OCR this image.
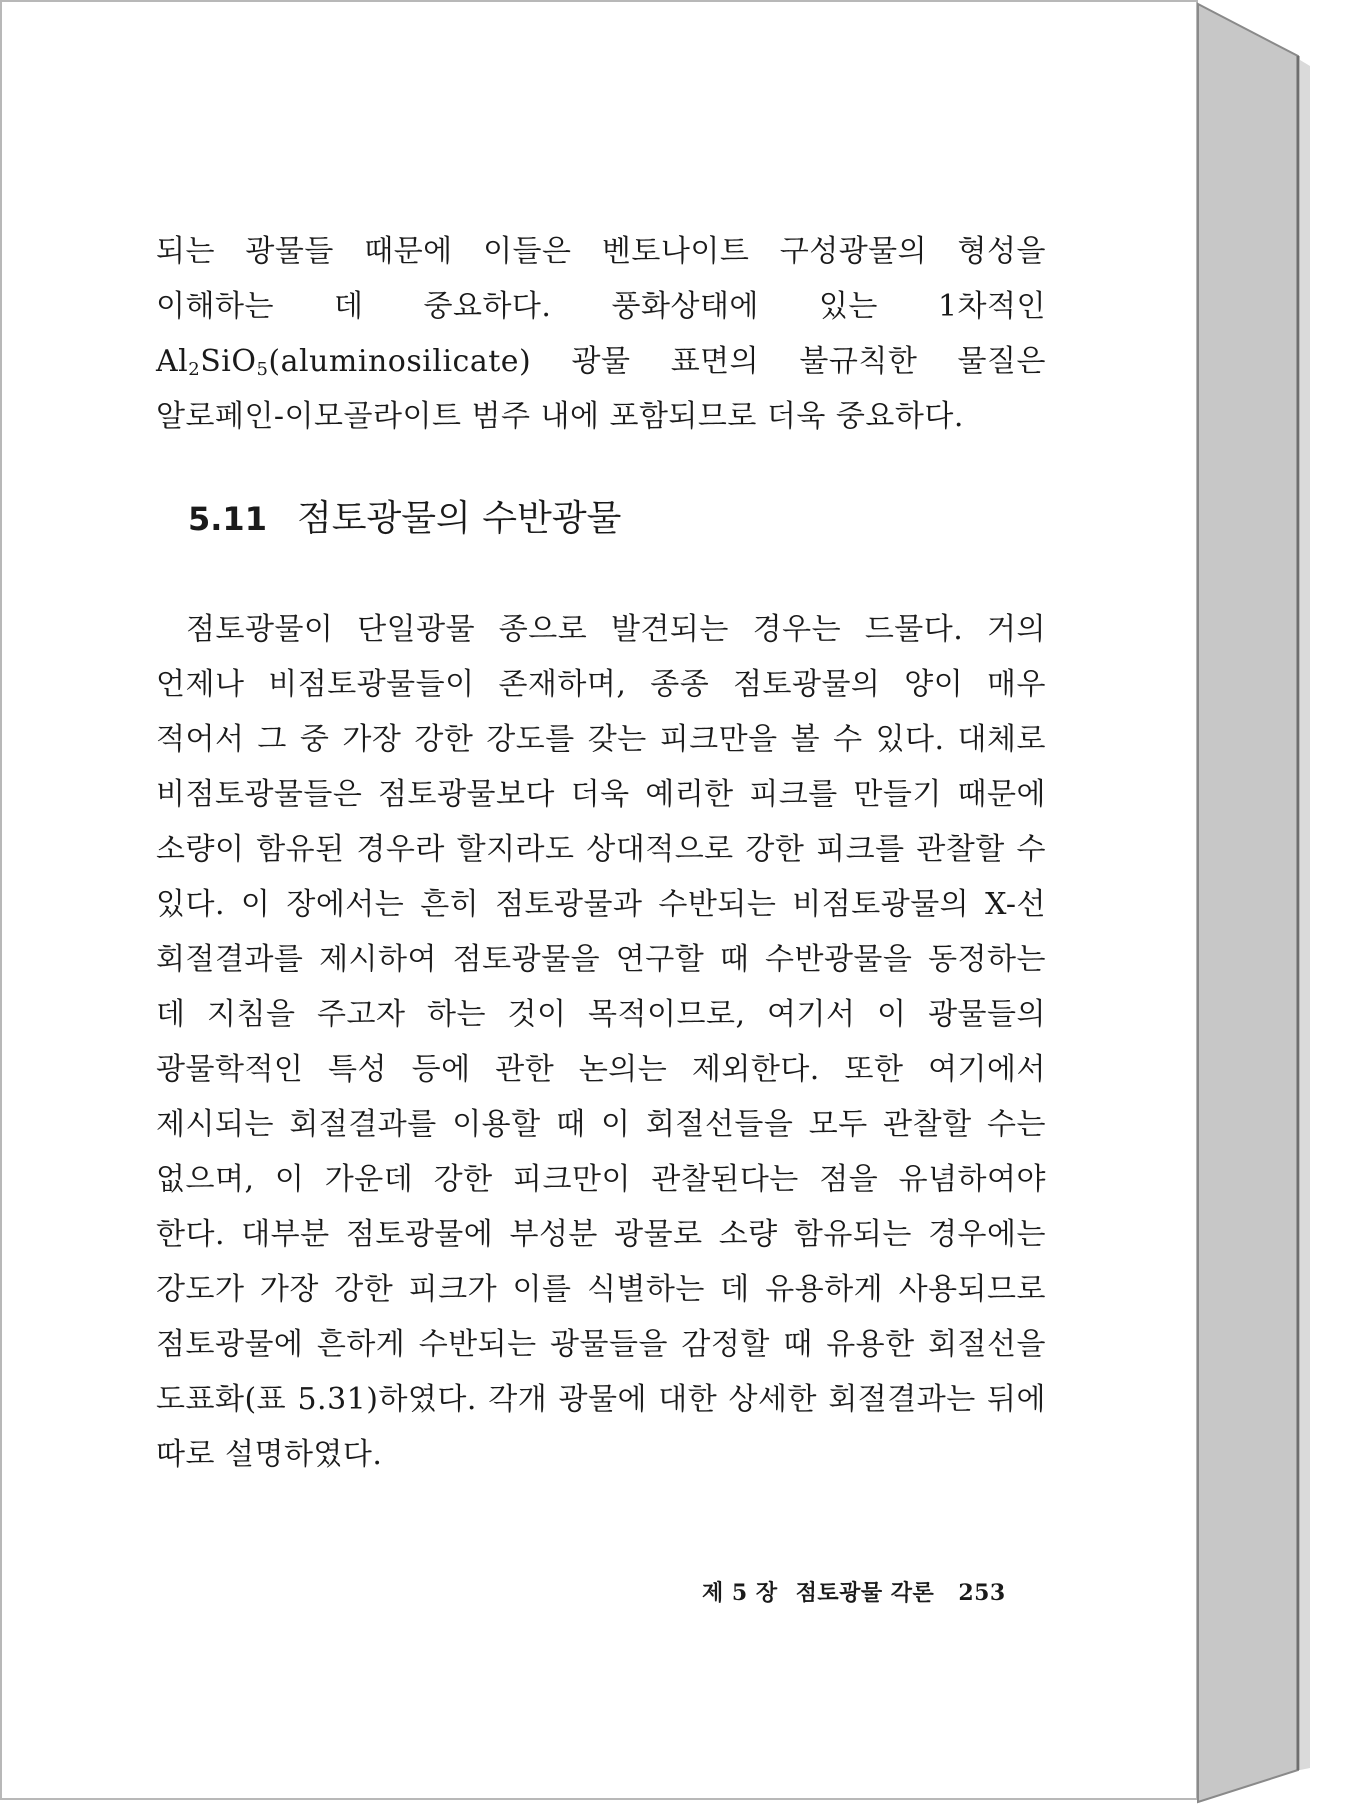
되는 광물들 때문에 이들은 벤토나이트 구성광물의 형성을 이해하는 데 중요하다. 풍화상태에 있는 1차적인 $Al_2SiO_5(aluminosilicate)$ 광물 표면의 불규칙한 물질은 알로페인-이모골라이트 범주 내에 포함되므로 더욱 중요하다.

5.11 점토광물의 수반광물

점토광물이 단일광물 종으로 발견되는 경우는 드물다. 거의 언제나 비점토광물들이 존재하며, 종종 점토광물의 양이 매우 적어서 그 중 가장 강한 강도를 갖는 피크만을 볼 수 있다. 대체로 비점토광물들은 점토광물보다 더욱 예리한 피크를 만들기 때문에 소량이 함유된 경우라 할지라도 상대적으로 강한 피크를 관찰할 수 있다. 이 장에서는 흔히 점토광물과 수반되는 비점토광물의 X-선 회절결과를 제시하여 점토광물을 연구할 때 수반광물을 동정하는 데 지침을 주고자 하는 것이 목적이므로, 여기서 이 광물들의 광물학적인 특성 등에 관한 논의는 제외한다. 또한 여기에서 제시되는 회절결과를 이용할 때 이 회절선들을 모두 관찰할 수는 없으며, 이 가운데 강한 피크만이 관찰된다는 점을 유념하여야 한다. 대부분 점토광물에 부성분 광물로 소량 함유되는 경우에는 강도가 가장 강한 피크가 이를 식별하는 데 유용하게 사용되므로 점토광물에 흔하게 수반되는 광물들을 감정할 때 유용한 회절선을 도표화(표 5.31)하였다. 각개 광물에 대한 상세한 회절결과는 뒤에 따로 설명하였다.

제 5 장 점토광물 각론 253
